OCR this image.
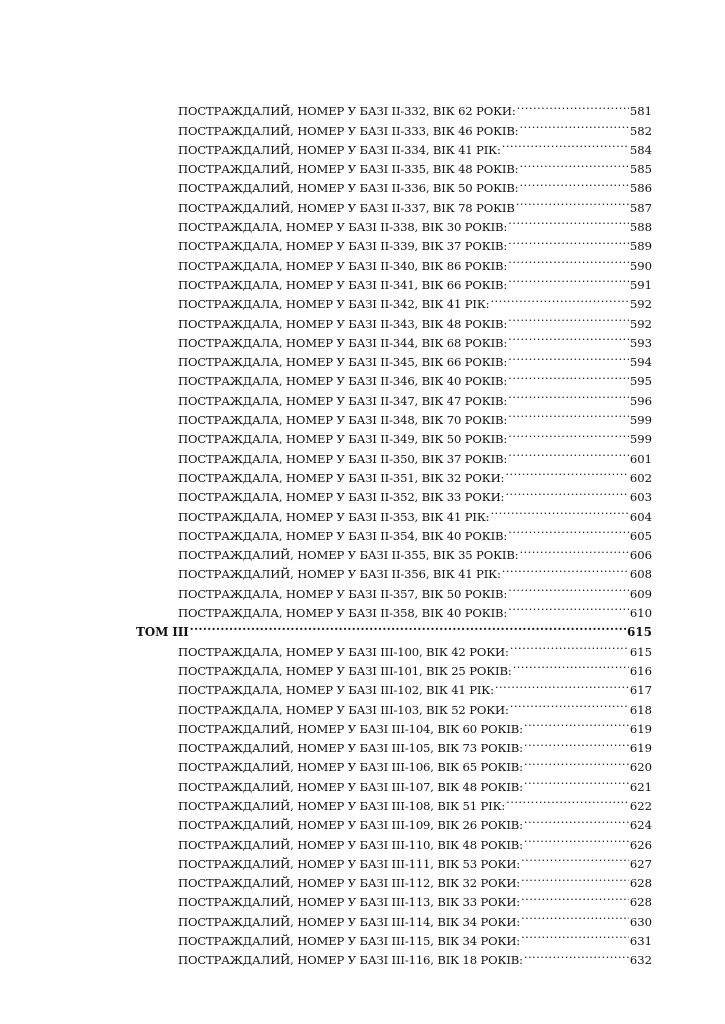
ПОСТРАЖДАЛИЙ, НОМЕР У БАЗІ ІІ-332, ВІК 62 РОКИ: .....	581
ПОСТРАЖДАЛИЙ, НОМЕР У БАЗІ ІІ-333, ВІК 46 РОКІВ: .....	582
ПОСТРАЖДАЛИЙ, НОМЕР У БАЗІ ІІ-334, ВІК 41 РІК: .....	584
ПОСТРАЖДАЛИЙ, НОМЕР У БАЗІ ІІ-335, ВІК 48 РОКІВ: .....	585
ПОСТРАЖДАЛИЙ, НОМЕР У БАЗІ ІІ-336, ВІК 50 РОКІВ: .....	586
ПОСТРАЖДАЛИЙ, НОМЕР У БАЗІ ІІ-337, ВІК 78 РОКІВ .....	587
ПОСТРАЖДАЛА, НОМЕР У БАЗІ ІІ-338, ВІК 30 РОКІВ: .....	588
ПОСТРАЖДАЛА, НОМЕР У БАЗІ ІІ-339, ВІК 37 РОКІВ: .....	589
ПОСТРАЖДАЛА, НОМЕР У БАЗІ ІІ-340, ВІК 86 РОКІВ: .....	590
ПОСТРАЖДАЛА, НОМЕР У БАЗІ ІІ-341, ВІК 66 РОКІВ: .....	591
ПОСТРАЖДАЛА, НОМЕР У БАЗІ ІІ-342, ВІК 41 РІК: .....	592
ПОСТРАЖДАЛА, НОМЕР У БАЗІ ІІ-343, ВІК 48 РОКІВ: .....	592
ПОСТРАЖДАЛА, НОМЕР У БАЗІ ІІ-344, ВІК 68 РОКІВ: .....	593
ПОСТРАЖДАЛА, НОМЕР У БАЗІ ІІ-345, ВІК 66 РОКІВ: .....	594
ПОСТРАЖДАЛА, НОМЕР У БАЗІ ІІ-346, ВІК 40 РОКІВ: .....	595
ПОСТРАЖДАЛА, НОМЕР У БАЗІ ІІ-347, ВІК 47 РОКІВ: .....	596
ПОСТРАЖДАЛА, НОМЕР У БАЗІ ІІ-348, ВІК 70 РОКІВ: .....	599
ПОСТРАЖДАЛА, НОМЕР У БАЗІ ІІ-349, ВІК 50 РОКІВ: .....	599
ПОСТРАЖДАЛА, НОМЕР У БАЗІ ІІ-350, ВІК 37 РОКІВ: .....	601
ПОСТРАЖДАЛА, НОМЕР У БАЗІ ІІ-351, ВІК 32 РОКИ: .....	602
ПОСТРАЖДАЛА, НОМЕР У БАЗІ ІІ-352, ВІК 33 РОКИ: .....	603
ПОСТРАЖДАЛА, НОМЕР У БАЗІ ІІ-353, ВІК 41 РІК: .....	604
ПОСТРАЖДАЛА, НОМЕР У БАЗІ ІІ-354, ВІК 40 РОКІВ: .....	605
ПОСТРАЖДАЛИЙ, НОМЕР У БАЗІ ІІ-355, ВІК 35 РОКІВ: .....	606
ПОСТРАЖДАЛИЙ, НОМЕР У БАЗІ ІІ-356, ВІК 41 РІК: .....	608
ПОСТРАЖДАЛА, НОМЕР У БАЗІ ІІ-357, ВІК 50 РОКІВ: .....	609
ПОСТРАЖДАЛА, НОМЕР У БАЗІ ІІ-358, ВІК 40 РОКІВ: .....	610
ТОМ ІІІ .....	615
ПОСТРАЖДАЛА, НОМЕР У БАЗІ ІІІ-100, ВІК 42 РОКИ: .....	615
ПОСТРАЖДАЛА, НОМЕР У БАЗІ ІІІ-101, ВІК 25 РОКІВ: .....	616
ПОСТРАЖДАЛА, НОМЕР У БАЗІ ІІІ-102, ВІК 41 РІК: .....	617
ПОСТРАЖДАЛА, НОМЕР У БАЗІ ІІІ-103, ВІК 52 РОКИ: .....	618
ПОСТРАЖДАЛИЙ, НОМЕР У БАЗІ ІІІ-104, ВІК 60 РОКІВ: .....	619
ПОСТРАЖДАЛИЙ, НОМЕР У БАЗІ ІІІ-105, ВІК 73 РОКІВ: .....	619
ПОСТРАЖДАЛИЙ, НОМЕР У БАЗІ ІІІ-106, ВІК 65 РОКІВ: .....	620
ПОСТРАЖДАЛИЙ, НОМЕР У БАЗІ ІІІ-107, ВІК 48 РОКІВ: .....	621
ПОСТРАЖДАЛИЙ, НОМЕР У БАЗІ ІІІ-108, ВІК 51 РІК: .....	622
ПОСТРАЖДАЛИЙ, НОМЕР У БАЗІ ІІІ-109, ВІК 26 РОКІВ: .....	624
ПОСТРАЖДАЛИЙ, НОМЕР У БАЗІ ІІІ-110, ВІК 48 РОКІВ: .....	626
ПОСТРАЖДАЛИЙ, НОМЕР У БАЗІ ІІІ-111, ВІК 53 РОКИ: .....	627
ПОСТРАЖДАЛИЙ, НОМЕР У БАЗІ ІІІ-112, ВІК 32 РОКИ: .....	628
ПОСТРАЖДАЛИЙ, НОМЕР У БАЗІ ІІІ-113, ВІК 33 РОКИ: .....	628
ПОСТРАЖДАЛИЙ, НОМЕР У БАЗІ ІІІ-114, ВІК 34 РОКИ: .....	630
ПОСТРАЖДАЛИЙ, НОМЕР У БАЗІ ІІІ-115, ВІК 34 РОКИ: .....	631
ПОСТРАЖДАЛИЙ, НОМЕР У БАЗІ ІІІ-116, ВІК 18 РОКІВ: .....	632
